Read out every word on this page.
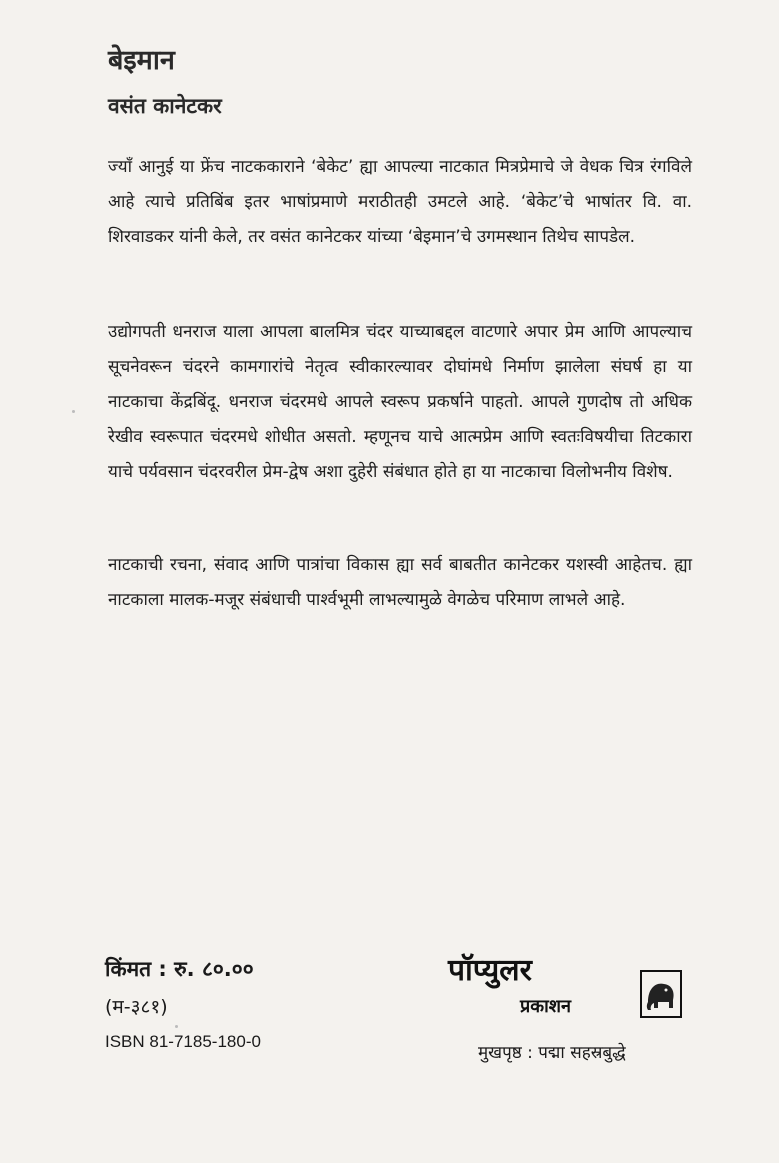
बेइमान
वसंत कानेटकर

ज्याँ आनुई या फ्रेंच नाटककाराने ‘बेकेट’ ह्या आपल्या नाटकात मित्रप्रेमाचे जे वेधक चित्र रंगविले आहे त्याचे प्रतिबिंब इतर भाषांप्रमाणे मराठीतही उमटले आहे. ‘बेकेट’चे भाषांतर वि. वा. शिरवाडकर यांनी केले, तर वसंत कानेटकर यांच्या ‘बेइमान’चे उगमस्थान तिथेच सापडेल.

उद्योगपती धनराज याला आपला बालमित्र चंदर याच्याबद्दल वाटणारे अपार प्रेम आणि आपल्याच सूचनेवरून चंदरने कामगारांचे नेतृत्व स्वीकारल्यावर दोघांमधे निर्माण झालेला संघर्ष हा या नाटकाचा केंद्रबिंदू. धनराज चंदरमधे आपले स्वरूप प्रकर्षाने पाहतो. आपले गुणदोष तो अधिक रेखीव स्वरूपात चंदरमधे शोधीत असतो. म्हणूनच याचे आत्मप्रेम आणि स्वतःविषयीचा तिटकारा याचे पर्यवसान चंदरवरील प्रेम-द्वेष अशा दुहेरी संबंधात होते हा या नाटकाचा विलोभनीय विशेष.

नाटकाची रचना, संवाद आणि पात्रांचा विकास ह्या सर्व बाबतीत कानेटकर यशस्वी आहेतच. ह्या नाटकाला मालक-मजूर संबंधाची पार्श्वभूमी लाभल्यामुळे वेगळेच परिमाण लाभले आहे.

किंमत : रु. ८०.००
(म-३८१)
ISBN 81-7185-180-0
पॉप्युलर
प्रकाशन
मुखपृष्ठ : पद्मा सहस्रबुद्धे
